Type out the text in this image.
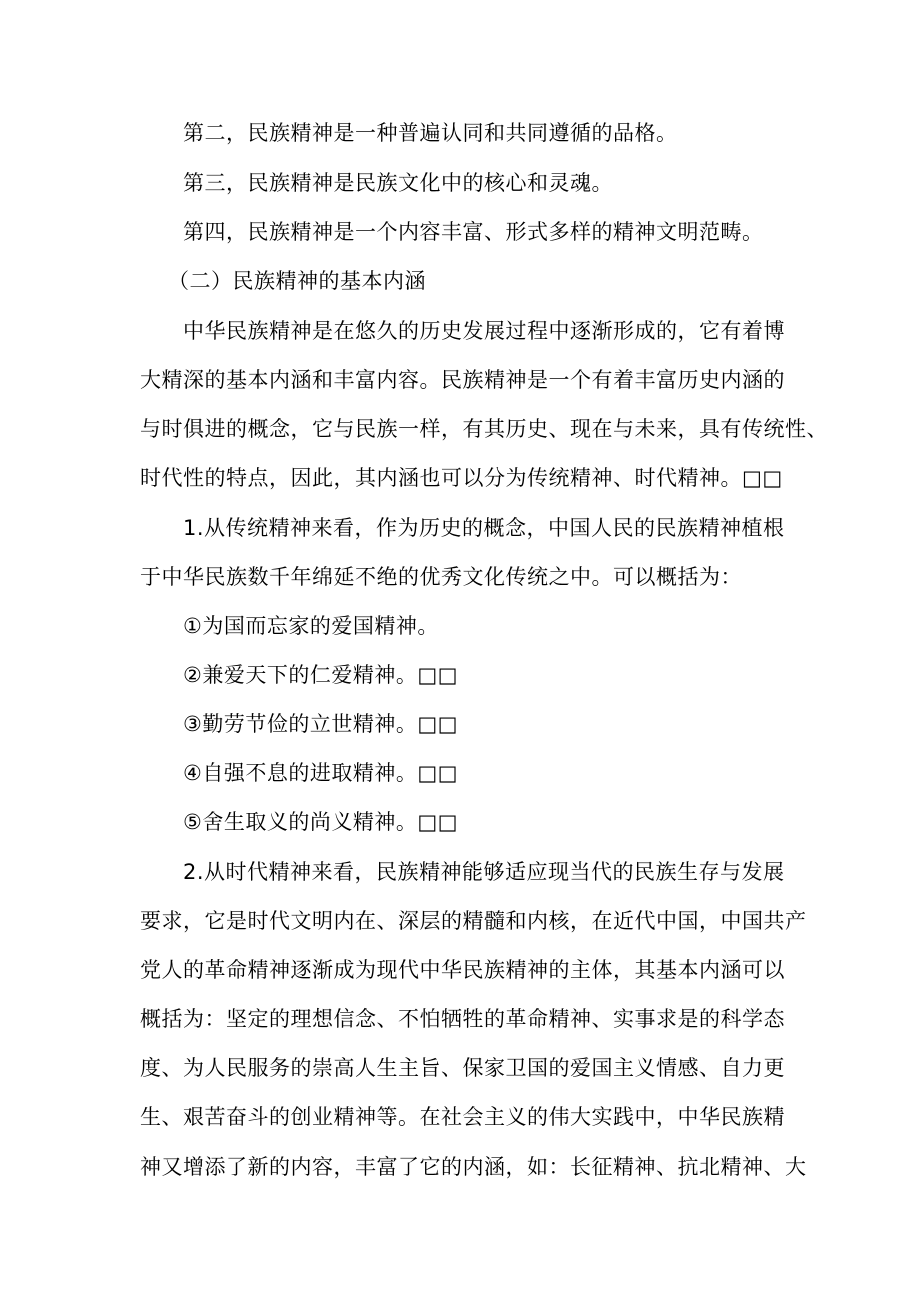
第二，民族精神是一种普遍认同和共同遵循的品格。
第三，民族精神是民族文化中的核心和灵魂。
第四，民族精神是一个内容丰富、形式多样的精神文明范畴。
（二）民族精神的基本内涵
中华民族精神是在悠久的历史发展过程中逐渐形成的，它有着博
大精深的基本内涵和丰富内容。民族精神是一个有着丰富历史内涵的
与时俱进的概念，它与民族一样，有其历史、现在与未来，具有传统性、
时代性的特点，因此，其内涵也可以分为传统精神、时代精神。□□
1.从传统精神来看，作为历史的概念，中国人民的民族精神植根
于中华民族数千年绵延不绝的优秀文化传统之中。可以概括为：
①为国而忘家的爱国精神。
②兼爱天下的仁爱精神。□□
③勤劳节俭的立世精神。□□
④自强不息的进取精神。□□
⑤舍生取义的尚义精神。□□
2.从时代精神来看，民族精神能够适应现当代的民族生存与发展
要求，它是时代文明内在、深层的精髓和内核，在近代中国，中国共产
党人的革命精神逐渐成为现代中华民族精神的主体，其基本内涵可以
概括为：坚定的理想信念、不怕牺牲的革命精神、实事求是的科学态
度、为人民服务的崇高人生主旨、保家卫国的爱国主义情感、自力更
生、艰苦奋斗的创业精神等。在社会主义的伟大实践中，中华民族精
神又增添了新的内容，丰富了它的内涵，如：长征精神、抗北精神、大
